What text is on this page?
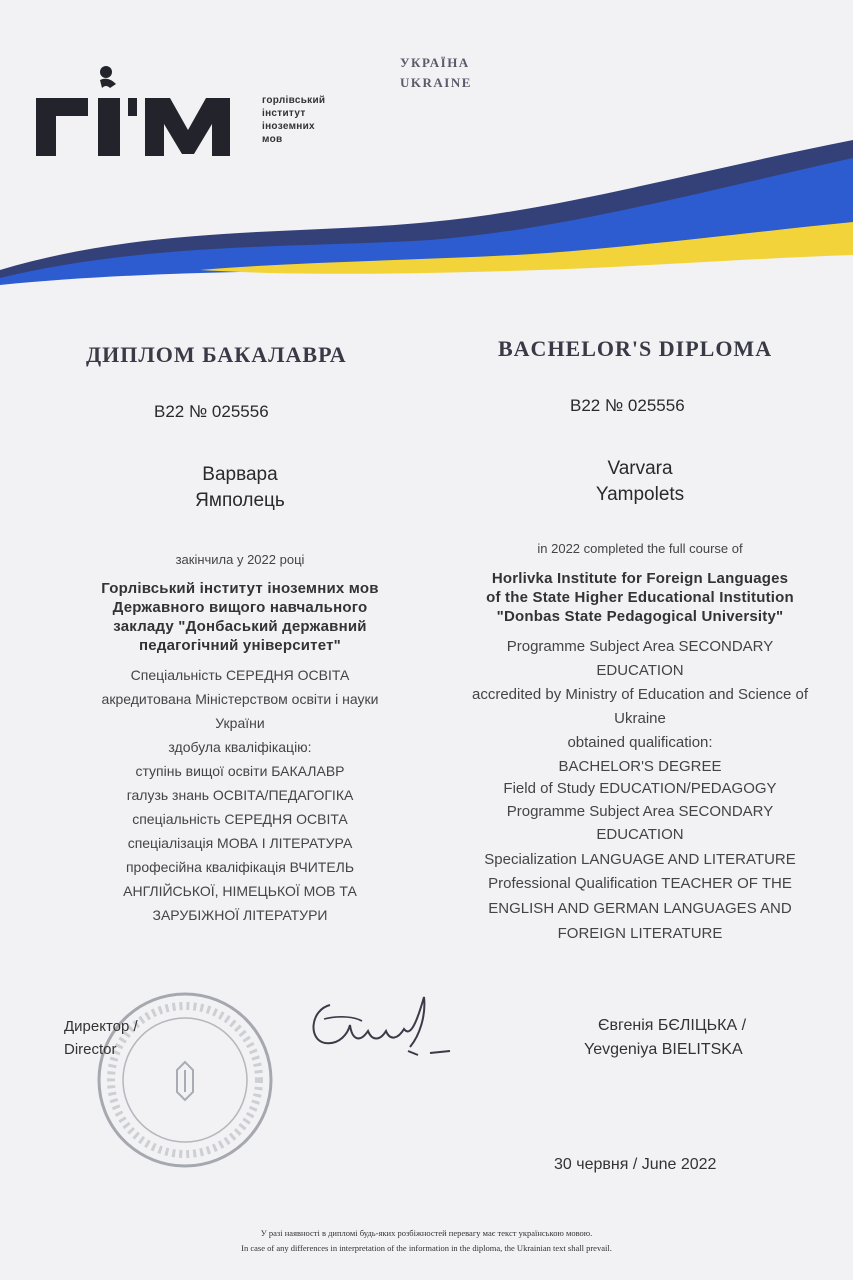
горлівський
інститут
іноземних
мов
УКРАЇНА
UKRAINE
ДИПЛОМ БАКАЛАВРА	BACHELOR'S DIPLOMA
B22 № 025556	B22 № 025556
Варвара
Ямполець
Varvara
Yampolets
закінчила у 2022 році
in 2022 completed the full course of
Горлівський інститут іноземних мов
Державного вищого навчального
закладу "Донбаський державний
педагогічний університет"
Horlivka Institute for Foreign Languages
of the State Higher Educational Institution
"Donbas State Pedagogical University"
Спеціальність СЕРЕДНЯ ОСВІТА
акредитована Міністерством освіти і науки
України
здобула кваліфікацію:
ступінь вищої освіти БАКАЛАВР
галузь знань ОСВІТА/ПЕДАГОГІКА
спеціальність СЕРЕДНЯ ОСВІТА
спеціалізація МОВА І ЛІТЕРАТУРА
професійна кваліфікація ВЧИТЕЛЬ
АНГЛІЙСЬКОЇ, НІМЕЦЬКОЇ МОВ ТА
ЗАРУБІЖНОЇ ЛІТЕРАТУРИ
Programme Subject Area SECONDARY
EDUCATION
accredited by Ministry of Education and Science of
Ukraine
obtained qualification:
BACHELOR'S DEGREE
Field of Study EDUCATION/PEDAGOGY
Programme Subject Area SECONDARY
EDUCATION
Specialization LANGUAGE AND LITERATURE
Professional Qualification TEACHER OF THE
ENGLISH AND GERMAN LANGUAGES AND
FOREIGN LITERATURE
Директор /
Director
Євгенія БЄЛІЦЬКА /
Yevgeniya BIELITSKA
30 червня / June 2022
У разі наявності в дипломі будь-яких розбіжностей перевагу має текст українською мовою.
In case of any differences in interpretation of the information in the diploma, the Ukrainian text shall prevail.
